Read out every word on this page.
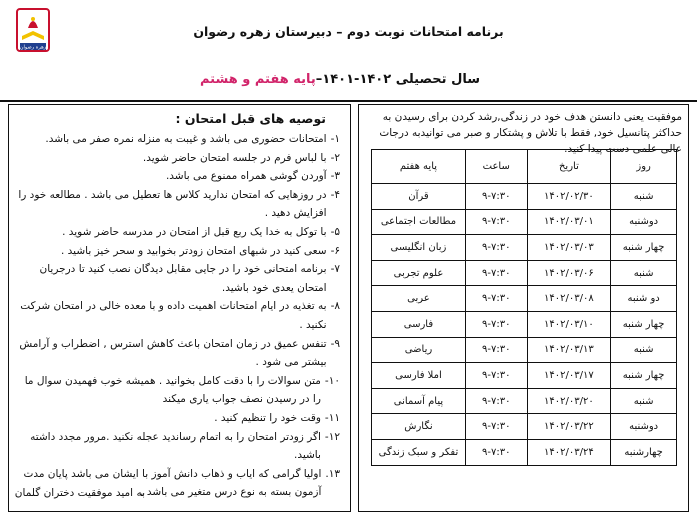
زهره رضوان
برنامه امتحانات نوبت دوم – دبیرستان زهره رضوان
سال تحصیلی ۱۴۰۲-۱۴۰۱–پایه هفتم و هشتم
توصیه های قبل امتحان :
۱-
امتحانات حضوری می باشد و غیبت به منزله نمره صفر می باشد.
۲-
با لباس فرم در جلسه امتحان حاضر شوید.
۳-
آوردن گوشی همراه ممنوع می باشد.
۴-
در روزهایی که امتحان ندارید کلاس ها تعطیل می باشد . مطالعه خود را افزایش دهید .
۵-
با توکل به خدا یک ربع قبل از امتحان در مدرسه حاضر شوید .
۶-
سعی کنید در شبهای امتحان زودتر بخوابید و سحر خیز باشید .
۷-
برنامه امتحانی خود را در جایی مقابل دیدگان نصب کنید تا درجریان امتحان یعدی خود باشید.
۸-
به تغذیه در ایام امتحانات اهمیت داده و با معده خالی در امتحان شرکت نکنید .
۹-
تنفس عمیق در زمان امتحان باعث کاهش استرس , اضطراب و آرامش بیشتر می شود .
۱۰-
متن سوالات را با دقت کامل بخوانید . همیشه خوب فهمیدن سوال ما را در رسیدن نصف جواب یاری میکند
۱۱-
وقت خود را تنظیم کنید .
۱۲-
اگر زودتر امتحان را به اتمام رساندید عجله نکنید .مرور مجدد داشته باشید.
۱۳.
اولیا گرامی که ایاب و ذهاب دانش آموز با ایشان می باشد پایان مدت آزمون بسته به نوع درس متغیر می باشد .
به امید موفقیت دختران گلمان
موفقیت یعنی دانستن هدف خود در زندگی,رشد کردن برای رسیدن به حداکثر پتانسیل خود, فقط با تلاش و پشتکار و صبر می توانیدبه درجات عالی علمی دست پیدا کنید.
روز	تاریخ	ساعت	پایه هفتم
شنبه	۱۴۰۲/۰۲/۳۰	۹-۷:۳۰	قرآن
دوشنبه	۱۴۰۲/۰۳/۰۱	۹-۷:۳۰	مطالعات اجتماعی
چهار شنبه	۱۴۰۲/۰۳/۰۳	۹-۷:۳۰	زبان انگلیسی
شنبه	۱۴۰۲/۰۳/۰۶	۹-۷:۳۰	علوم تجربی
دو شنبه	۱۴۰۲/۰۳/۰۸	۹-۷:۳۰	عربی
چهار شنبه	۱۴۰۲/۰۳/۱۰	۹-۷:۳۰	فارسی
شنبه	۱۴۰۲/۰۳/۱۳	۹-۷:۳۰	ریاضی
چهار شنبه	۱۴۰۲/۰۳/۱۷	۹-۷:۳۰	املا فارسی
شنبه	۱۴۰۲/۰۳/۲۰	۹-۷:۳۰	پیام آسمانی
دوشنبه	۱۴۰۲/۰۳/۲۲	۹-۷:۳۰	نگارش
چهارشنبه	۱۴۰۲/۰۳/۲۴	۹-۷:۳۰	تفکر و سبک زندگی
